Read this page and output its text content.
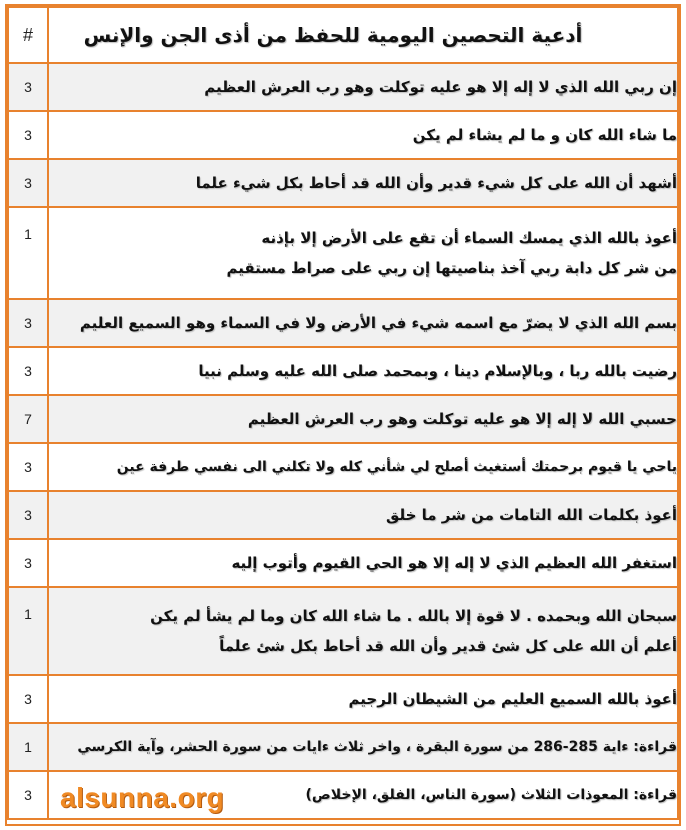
#	أدعية التحصين اليومية للحفظ من أذى الجن والإنس

3	إن ربي الله الذي لا إله إلا هو عليه توكلت وهو رب العرش العظيم

3	ما شاء الله كان و ما لم يشاء لم يكن

3	أشهد أن الله على كل شيء قدير وأن الله قد أحاط بكل شيء علما

1	أعوذ بالله الذي يمسك السماء أن تقع على الأرض إلا بإذنه
من شر كل دابة ربي آخذ بناصيتها إن ربي على صراط مستقيم

3	بسم الله الذي لا يضرّ مع اسمه شيء في الأرض ولا في السماء وهو السميع العليم

3	رضيت بالله ربا ، وبالإسلام دينا ، وبمحمد صلى الله عليه وسلم نبيا

7	حسبي الله لا إله إلا هو عليه توكلت وهو رب العرش العظيم

3	ياحي يا قيوم برحمتك أستغيث أصلح لي شأني كله ولا تكلني الى نفسي طرفة عين

3	أعوذ بكلمات الله التامات من شر ما خلق

3	استغفر الله العظيم الذي لا إله إلا هو الحي القيوم وأتوب إليه

1	سبحان الله وبحمده . لا قوة إلا بالله . ما شاء الله كان وما لم يشأ لم يكن
أعلم أن الله على كل شئ قدير وأن الله قد أحاط بكل شئ علماً

3	أعوذ بالله السميع العليم من الشيطان الرجيم

1	قراءة: ءاية 285-286 من سورة البقرة ، واخر ثلاث ءايات من سورة الحشر، وآية الكرسي

3	قراءة: المعوذات الثلاث (سورة الناس، الفلق، الإخلاص)
alsunna.org
